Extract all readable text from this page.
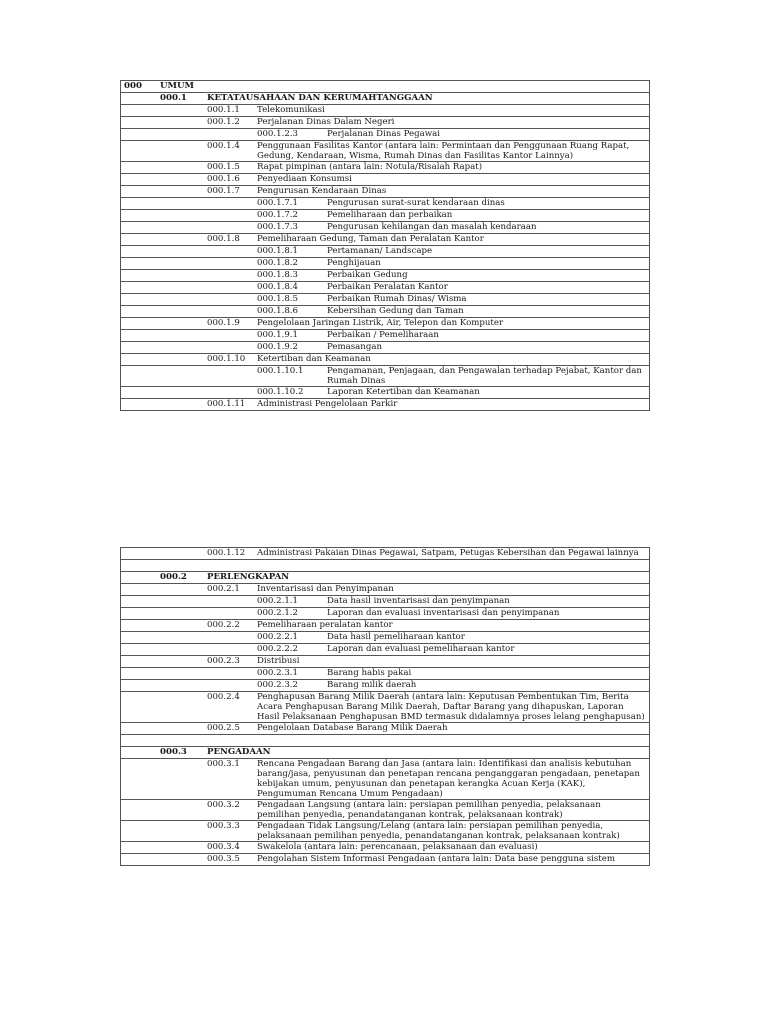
000	UMUM
000.1	KETATAUSAHAAN DAN KERUMAHTANGGAAN
000.1.1	Telekomunikasi
000.1.2	Perjalanan Dinas Dalam Negeri
000.1.2.3	Perjalanan Dinas Pegawai
000.1.4	Penggunaan Fasilitas Kantor (antara lain: Permintaan dan Penggunaan Ruang Rapat, Gedung, Kendaraan, Wisma, Rumah Dinas dan Fasilitas Kantor Lainnya)
000.1.5	Rapat pimpinan (antara lain: Notula/Risalah Rapat)
000.1.6	Penyediaan Konsumsi
000.1.7	Pengurusan Kendaraan Dinas
000.1.7.1	Pengurusan surat-surat kendaraan dinas
000.1.7.2	Pemeliharaan dan perbaikan
000.1.7.3	Pengurusan kehilangan dan masalah kendaraan
000.1.8	Pemeliharaan Gedung, Taman dan Peralatan Kantor
000.1.8.1	Pertamanan/ Landscape
000.1.8.2	Penghijauan
000.1.8.3	Perbaikan Gedung
000.1.8.4	Perbaikan Peralatan Kantor
000.1.8.5	Perbaikan Rumah Dinas/ Wisma
000.1.8.6	Kebersihan Gedung dan Taman
000.1.9	Pengelolaan Jaringan Listrik, Air, Telepon dan Komputer
000.1.9.1	Perbaikan / Pemeliharaan
000.1.9.2	Pemasangan
000.1.10	Ketertiban dan Keamanan
000.1.10.1	Pengamanan, Penjagaan, dan Pengawalan terhadap Pejabat, Kantor dan Rumah Dinas
000.1.10.2	Laporan Ketertiban dan Keamanan
000.1.11	Administrasi Pengelolaan Parkir
000.1.12	Administrasi Pakaian Dinas Pegawai, Satpam, Petugas Kebersihan dan Pegawai lainnya
000.2	PERLENGKAPAN
000.2.1	Inventarisasi dan Penyimpanan
000.2.1.1	Data hasil inventarisasi dan penyimpanan
000.2.1.2	Laporan dan evaluasi inventarisasi dan penyimpanan
000.2.2	Pemeliharaan peralatan kantor
000.2.2.1	Data hasil pemeliharaan kantor
000.2.2.2	Laporan dan evaluasi pemeliharaan kantor
000.2.3	Distribusi
000.2.3.1	Barang habis pakai
000.2.3.2	Barang milik daerah
000.2.4	Penghapusan Barang Milik Daerah (antara lain: Keputusan Pembentukan Tim, Berita Acara Penghapusan Barang Milik Daerah, Daftar Barang yang dihapuskan, Laporan Hasil Pelaksanaan Penghapusan BMD termasuk didalamnya proses lelang penghapusan)
000.2.5	Pengelolaan Database Barang Milik Daerah
000.3	PENGADAAN
000.3.1	Rencana Pengadaan Barang dan Jasa (antara lain: Identifikasi dan analisis kebutuhan barang/jasa, penyusunan dan penetapan rencana penganggaran pengadaan, penetapan kebijakan umum, penyusunan dan penetapan kerangka Acuan Kerja (KAK), Pengumuman Rencana Umum Pengadaan)
000.3.2	Pengadaan Langsung (antara lain: persiapan pemilihan penyedia, pelaksanaan pemilihan penyedia, penandatanganan kontrak, pelaksanaan kontrak)
000.3.3	Pengadaan Tidak Langsung/Lelang (antara lain: persiapan pemilihan penyedia, pelaksanaan pemilihan penyedia, penandatanganan kontrak, pelaksanaan kontrak)
000.3.4	Swakelola (antara lain: perencanaan, pelaksanaan dan evaluasi)
000.3.5	Pengolahan Sistem Informasi Pengadaan (antara lain: Data base pengguna sistem
